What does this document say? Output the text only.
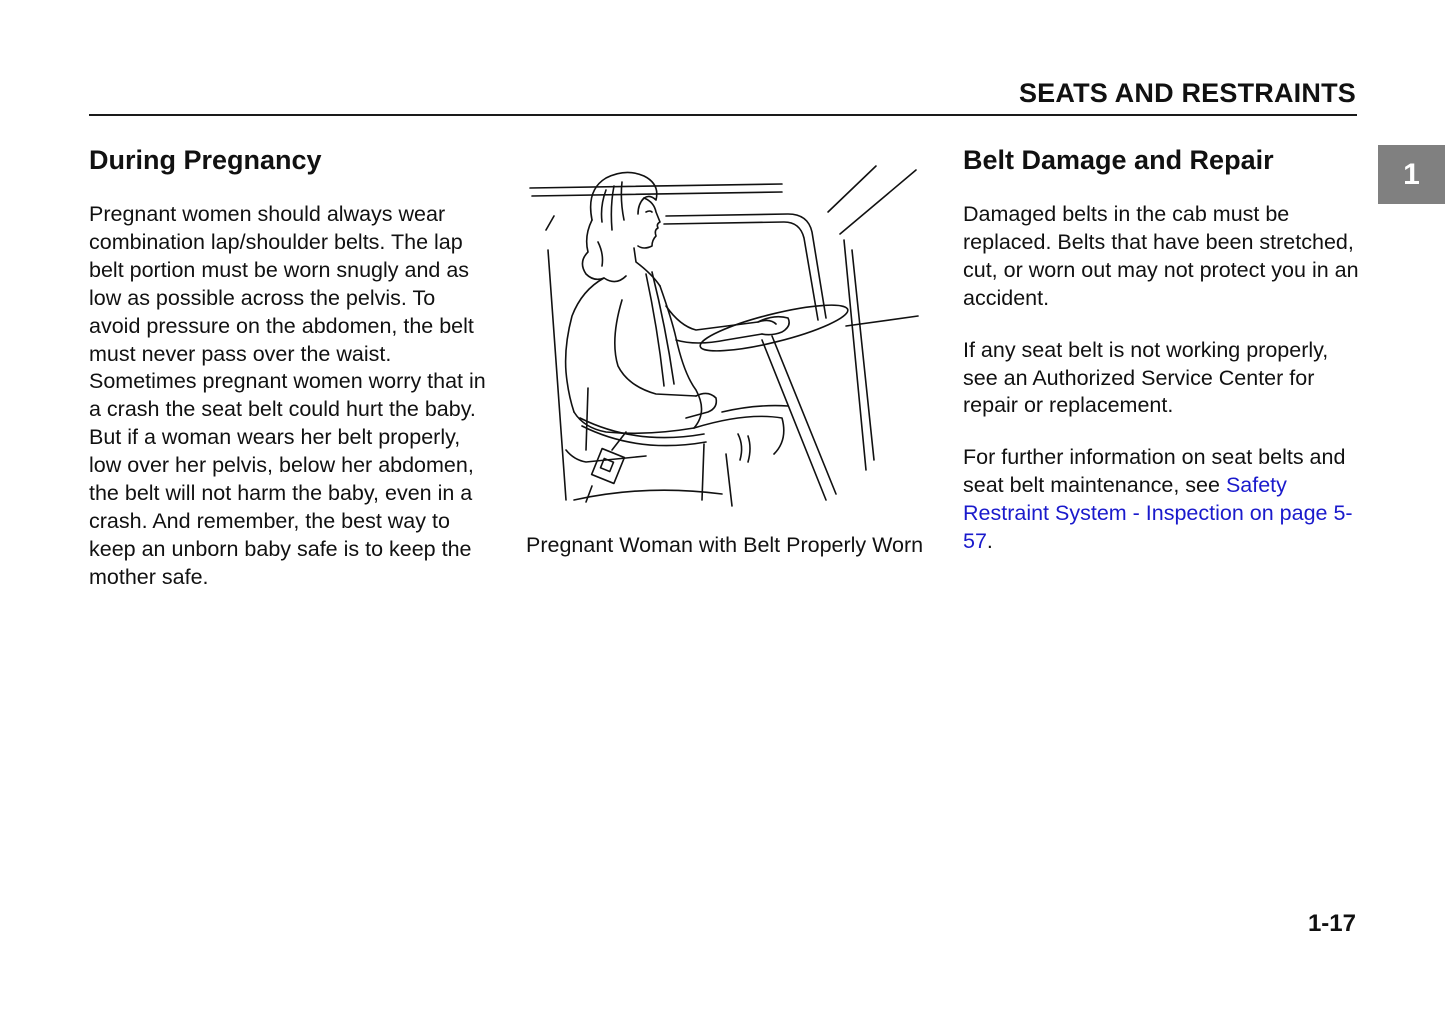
SEATS AND RESTRAINTS
1
During Pregnancy

Pregnant women should always wear combination lap/shoulder belts. The lap belt portion must be worn snugly and as low as possible across the pelvis. To avoid pressure on the abdomen, the belt must never pass over the waist. Sometimes pregnant women worry that in a crash the seat belt could hurt the baby. But if a woman wears her belt properly, low over her pelvis, below her abdomen, the belt will not harm the baby, even in a crash. And remember, the best way to keep an unborn baby safe is to keep the mother safe.

Pregnant Woman with Belt Properly Worn

Belt Damage and Repair

Damaged belts in the cab must be replaced. Belts that have been stretched, cut, or worn out may not protect you in an accident.

If any seat belt is not working properly, see an Authorized Service Center for repair or replacement.

For further information on seat belts and seat belt maintenance, see Safety Restraint System - Inspection on page 5-57.

1-17
